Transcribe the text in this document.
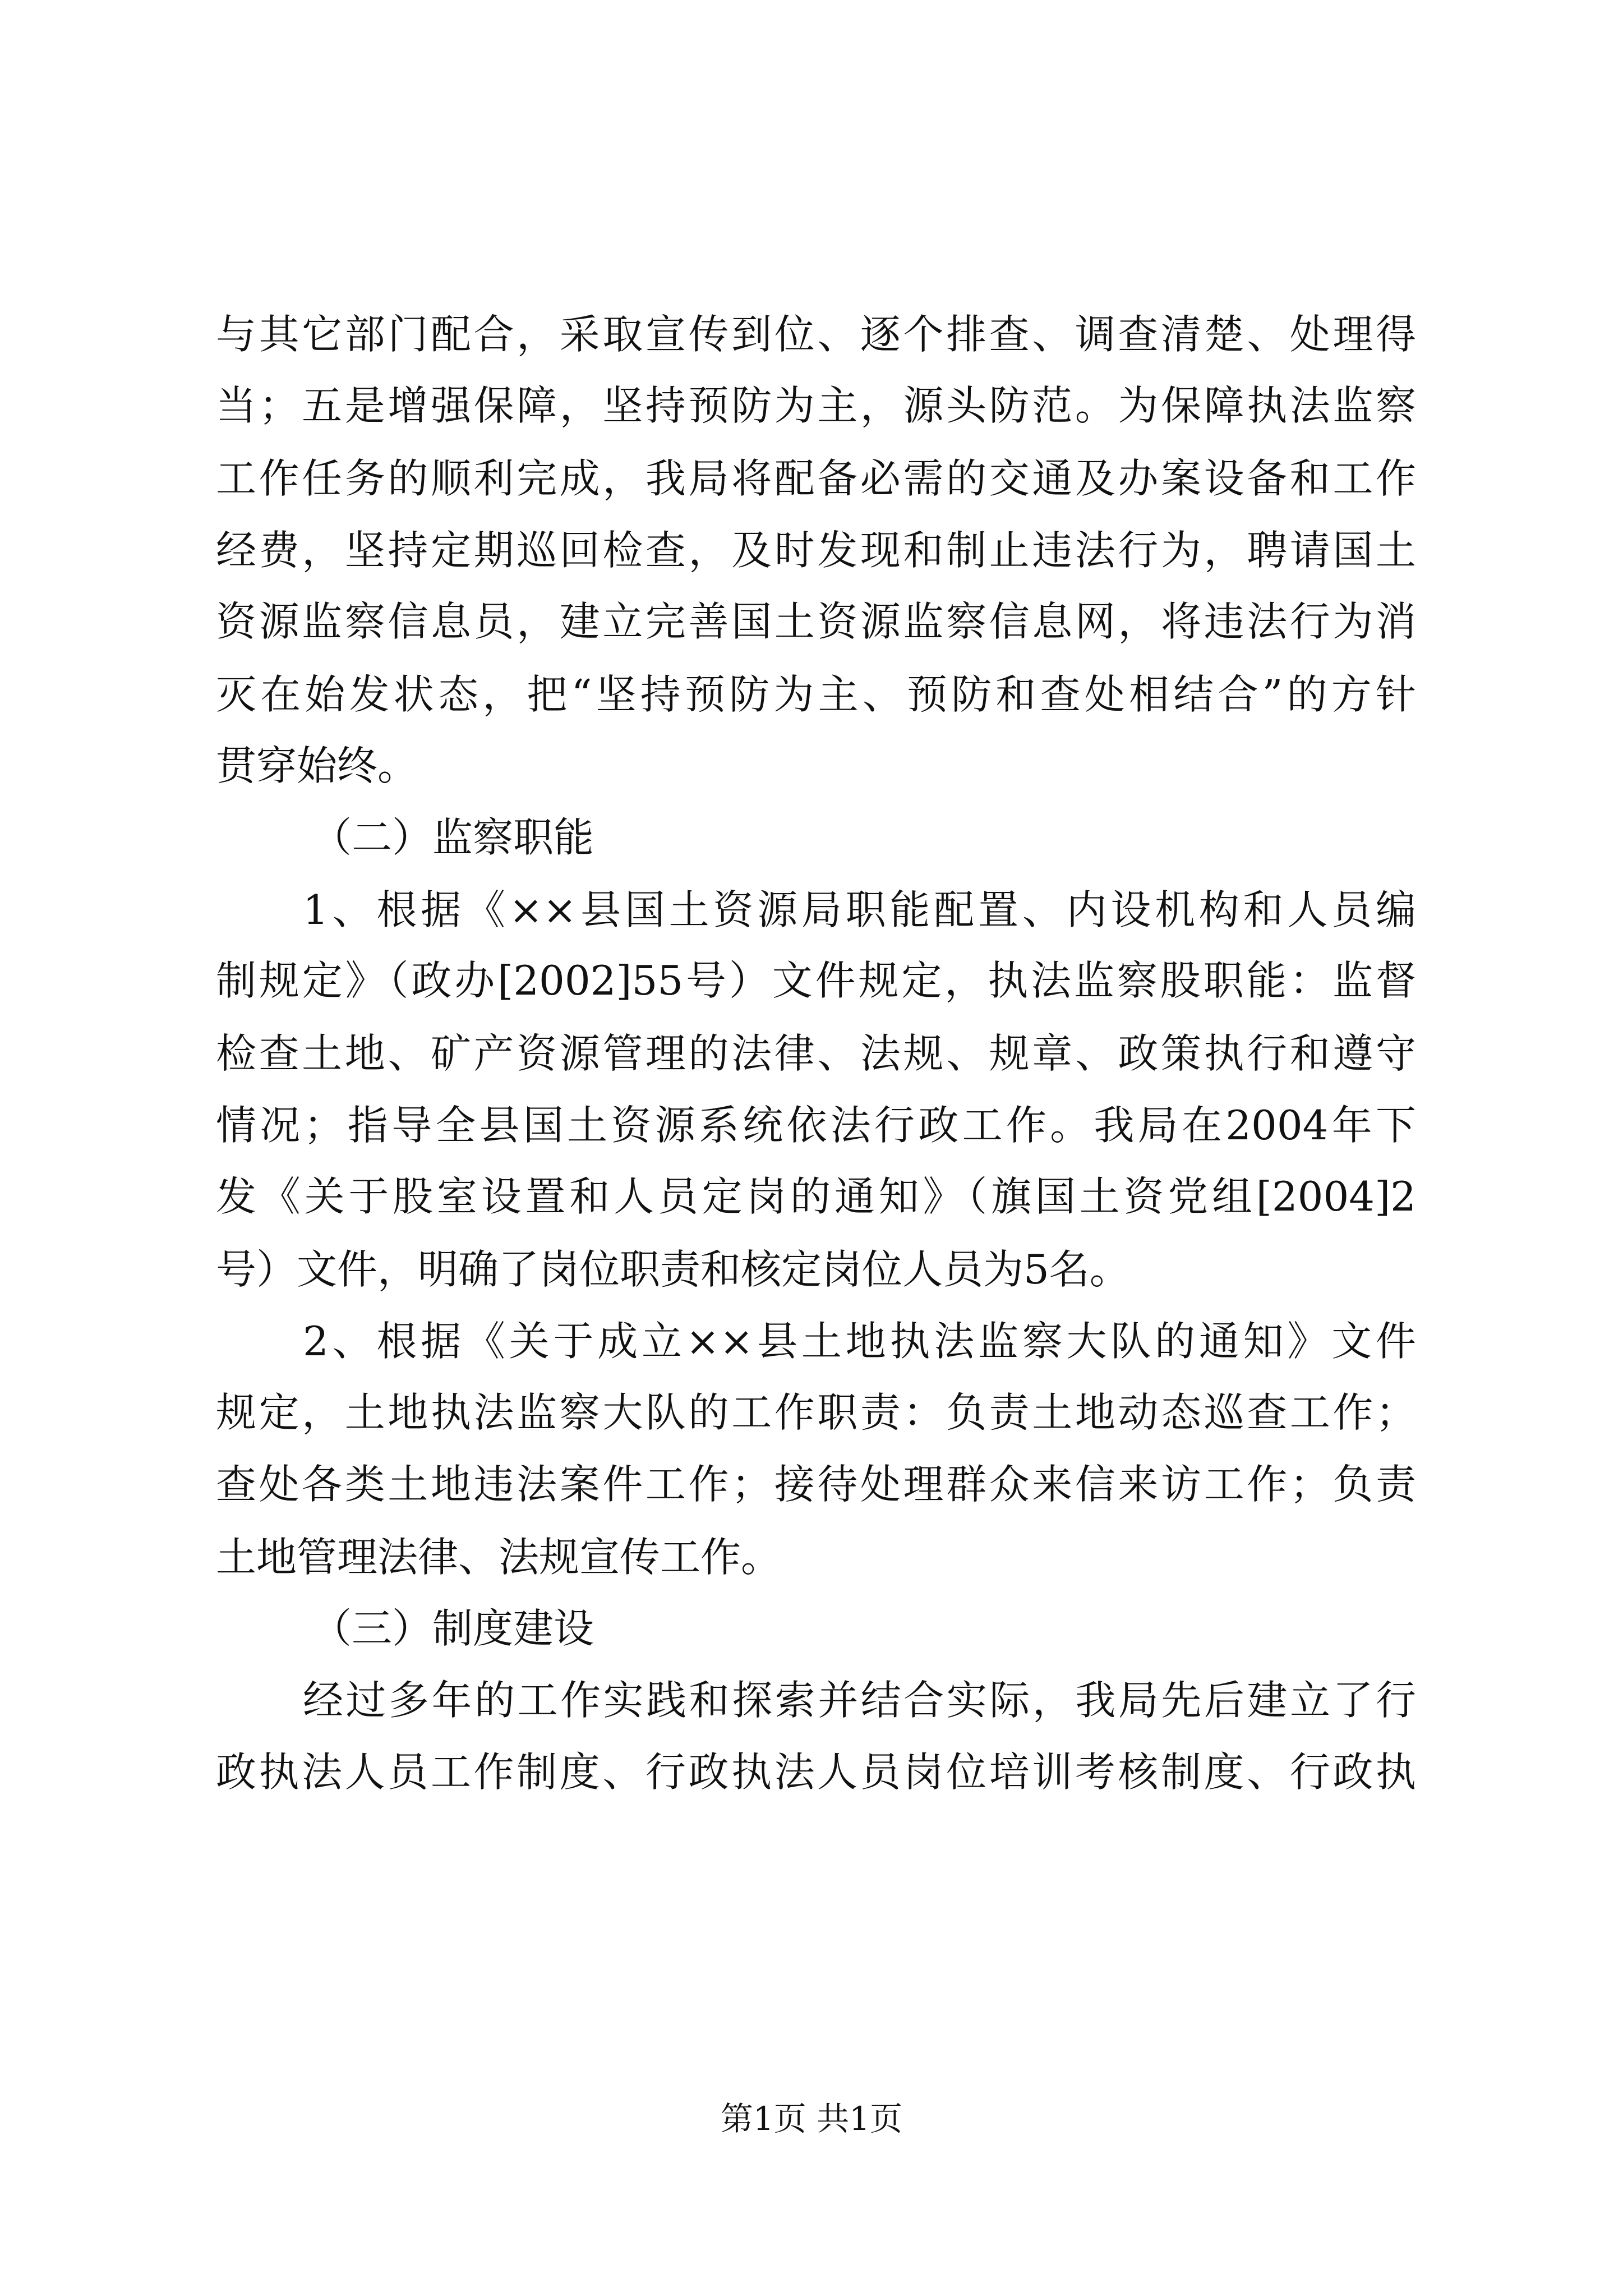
与其它部门配合，采取宣传到位、逐个排查、调查清楚、处理得
当；五是增强保障，坚持预防为主，源头防范。为保障执法监察
工作任务的顺利完成，我局将配备必需的交通及办案设备和工作
经费，坚持定期巡回检查，及时发现和制止违法行为，聘请国土
资源监察信息员，建立完善国土资源监察信息网，将违法行为消
灭在始发状态，把“坚持预防为主、预防和查处相结合”的方针
贯穿始终。
（二）监察职能
1、根据《××县国土资源局职能配置、内设机构和人员编
制规定》（政办[2002]55号）文件规定，执法监察股职能：监督
检查土地、矿产资源管理的法律、法规、规章、政策执行和遵守
情况；指导全县国土资源系统依法行政工作。我局在2004年下
发《关于股室设置和人员定岗的通知》（旗国土资党组[2004]2
号）文件，明确了岗位职责和核定岗位人员为5名。
2、根据《关于成立××县土地执法监察大队的通知》文件
规定，土地执法监察大队的工作职责：负责土地动态巡查工作；
查处各类土地违法案件工作；接待处理群众来信来访工作；负责
土地管理法律、法规宣传工作。
（三）制度建设
经过多年的工作实践和探索并结合实际，我局先后建立了行
政执法人员工作制度、行政执法人员岗位培训考核制度、行政执
第1页 共1页
